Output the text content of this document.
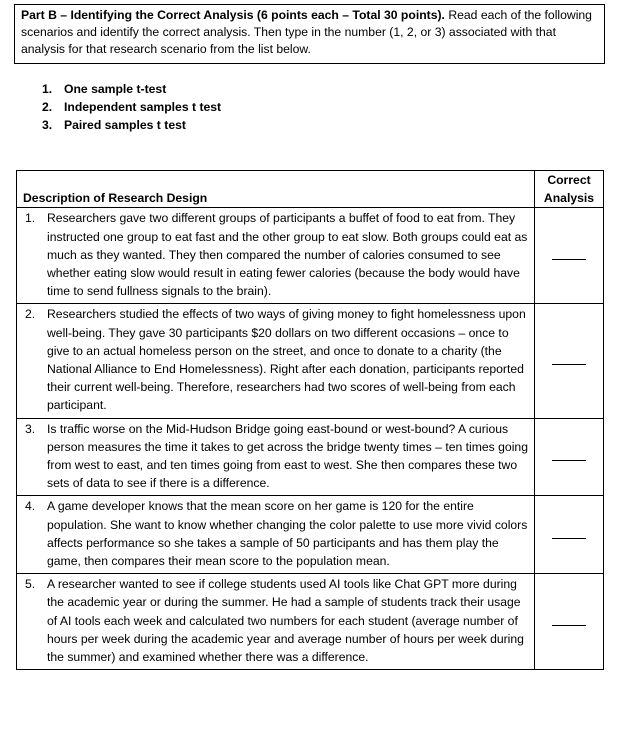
Part B – Identifying the Correct Analysis (6 points each – Total 30 points). Read each of the following scenarios and identify the correct analysis. Then type in the number (1, 2, or 3) associated with that analysis for that research scenario from the list below.
1. One sample t-test
2. Independent samples t test
3. Paired samples t test
Description of Research Design	Correct
Analysis

1. Researchers gave two different groups of participants a buffet of food to eat from. They instructed one group to eat fast and the other group to eat slow. Both groups could eat as much as they wanted. They then compared the number of calories consumed to see whether eating slow would result in eating fewer calories (because the body would have time to send fullness signals to the brain).	

2. Researchers studied the effects of two ways of giving money to fight homelessness upon well-being. They gave 30 participants $20 dollars on two different occasions – once to give to an actual homeless person on the street, and once to donate to a charity (the National Alliance to End Homelessness). Right after each donation, participants reported their current well-being. Therefore, researchers had two scores of well-being from each participant.	

3. Is traffic worse on the Mid-Hudson Bridge going east-bound or west-bound? A curious person measures the time it takes to get across the bridge twenty times – ten times going from west to east, and ten times going from east to west. She then compares these two sets of data to see if there is a difference.	

4. A game developer knows that the mean score on her game is 120 for the entire population. She want to know whether changing the color palette to use more vivid colors affects performance so she takes a sample of 50 participants and has them play the game, then compares their mean score to the population mean.	

5. A researcher wanted to see if college students used AI tools like Chat GPT more during the academic year or during the summer. He had a sample of students track their usage of AI tools each week and calculated two numbers for each student (average number of hours per week during the academic year and average number of hours per week during the summer) and examined whether there was a difference.	
